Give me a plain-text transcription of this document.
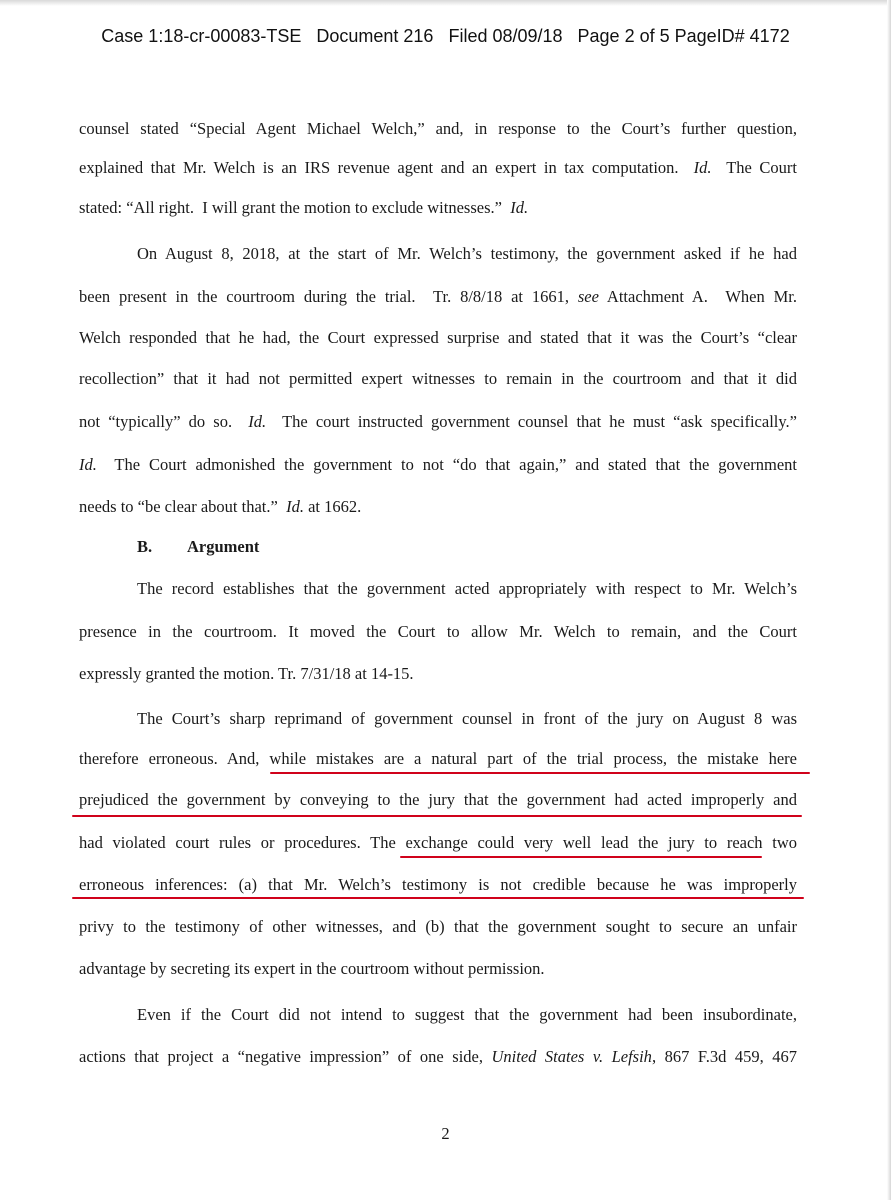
Case 1:18-cr-00083-TSE   Document 216   Filed 08/09/18   Page 2 of 5 PageID# 4172
counsel stated “Special Agent Michael Welch,” and, in response to the Court’s further question,
explained that Mr. Welch is an IRS revenue agent and an expert in tax computation.  Id.  The Court
stated: “All right.  I will grant the motion to exclude witnesses.”  Id.
On August 8, 2018, at the start of Mr. Welch’s testimony, the government asked if he had
been present in the courtroom during the trial.  Tr. 8/8/18 at 1661, see Attachment A.  When Mr.
Welch responded that he had, the Court expressed surprise and stated that it was the Court’s “clear
recollection” that it had not permitted expert witnesses to remain in the courtroom and that it did
not “typically” do so.  Id.  The court instructed government counsel that he must “ask specifically.”
Id.  The Court admonished the government to not “do that again,” and stated that the government
needs to “be clear about that.”  Id. at 1662.
B. Argument
The record establishes that the government acted appropriately with respect to Mr. Welch’s
presence in the courtroom. It moved the Court to allow Mr. Welch to remain, and the Court
expressly granted the motion. Tr. 7/31/18 at 14-15.
The Court’s sharp reprimand of government counsel in front of the jury on August 8 was
therefore erroneous. And, while mistakes are a natural part of the trial process, the mistake here
prejudiced the government by conveying to the jury that the government had acted improperly and
had violated court rules or procedures. The exchange could very well lead the jury to reach two
erroneous inferences: (a) that Mr. Welch’s testimony is not credible because he was improperly
privy to the testimony of other witnesses, and (b) that the government sought to secure an unfair
advantage by secreting its expert in the courtroom without permission.
Even if the Court did not intend to suggest that the government had been insubordinate,
actions that project a “negative impression” of one side, United States v. Lefsih, 867 F.3d 459, 467
2
